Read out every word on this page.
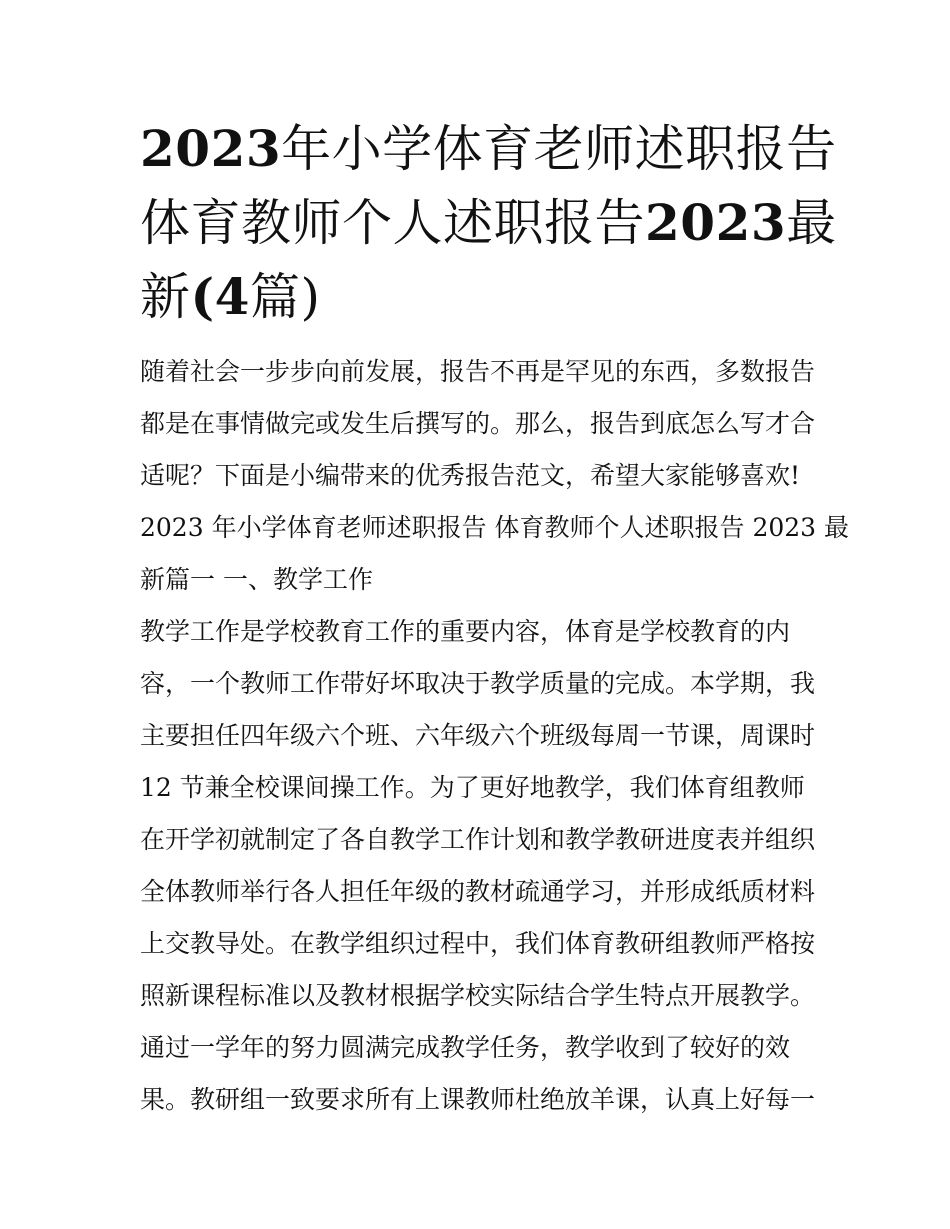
2023年小学体育老师述职报告
体育教师个人述职报告2023最
新(4篇)
随着社会一步步向前发展，报告不再是罕见的东西，多数报告
都是在事情做完或发生后撰写的。那么，报告到底怎么写才合
适呢？下面是小编带来的优秀报告范文，希望大家能够喜欢!
2023 年小学体育老师述职报告 体育教师个人述职报告 2023 最
新篇一 一、教学工作
教学工作是学校教育工作的重要内容，体育是学校教育的内
容，一个教师工作带好坏取决于教学质量的完成。本学期，我
主要担任四年级六个班、六年级六个班级每周一节课，周课时
12 节兼全校课间操工作。为了更好地教学，我们体育组教师
在开学初就制定了各自教学工作计划和教学教研进度表并组织
全体教师举行各人担任年级的教材疏通学习，并形成纸质材料
上交教导处。在教学组织过程中，我们体育教研组教师严格按
照新课程标准以及教材根据学校实际结合学生特点开展教学。
通过一学年的努力圆满完成教学任务，教学收到了较好的效
果。教研组一致要求所有上课教师杜绝放羊课，认真上好每一
